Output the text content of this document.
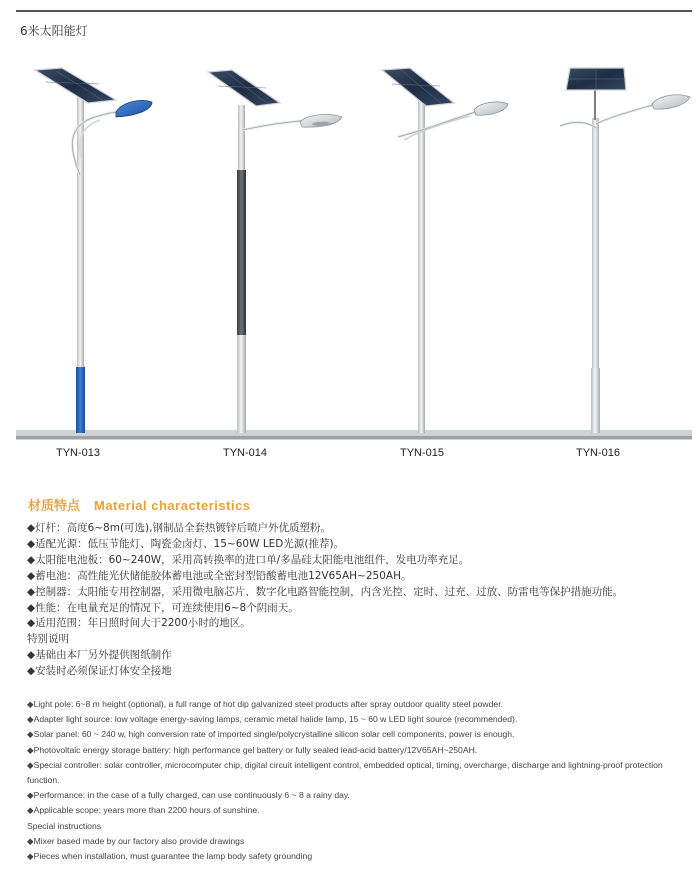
6米太阳能灯
TYN-013	TYN-014	TYN-015	TYN-016
材质特点 Material characteristics
◆灯杆：高度6~8m(可选),钢制品全套热镀锌后喷户外优质塑粉。
◆适配光源：低压节能灯、陶瓷金卤灯、15~60W LED光源(推荐)。
◆太阳能电池板：60~240W，采用高转换率的进口单/多晶硅太阳能电池组件，发电功率充足。
◆蓄电池：高性能光伏储能胶体蓄电池或全密封型铅酸蓄电池12V65AH~250AH。
◆控制器：太阳能专用控制器，采用微电脑芯片、数字化电路智能控制，内含光控、定时、过充、过放、防雷电等保护措施功能。
◆性能：在电量充足的情况下，可连续使用6~8个阴雨天。
◆适用范围：年日照时间大于2200小时的地区。
特别说明
◆基础由本厂另外提供图纸制作
◆安装时必须保证灯体安全接地
◆Light pole: 6~8 m height (optional), a full range of hot dip galvanized steel products after spray outdoor quality steel powder.
◆Adapter light source: low voltage energy-saving lamps, ceramic metal halide lamp, 15 ~ 60 w LED light source (recommended).
◆Solar panel: 60 ~ 240 w, high conversion rate of imported single/polycrystalline silicon solar cell components, power is enough.
◆Photovoltaic energy storage battery: high performance gel battery or fully sealed lead-acid battery/12V65AH~250AH.
◆Special controller: solar controller, microcomputer chip, digital circuit intelligent control, embedded optical, timing, overcharge, discharge and lightning-proof protection function.
◆Performance: in the case of a fully charged, can use continuously 6 ~ 8 a rainy day.
◆Applicable scope: years more than 2200 hours of sunshine.
Special instructions
◆Mixer based made by our factory also provide drawings
◆Pieces when installation, must guarantee the lamp body safety grounding
